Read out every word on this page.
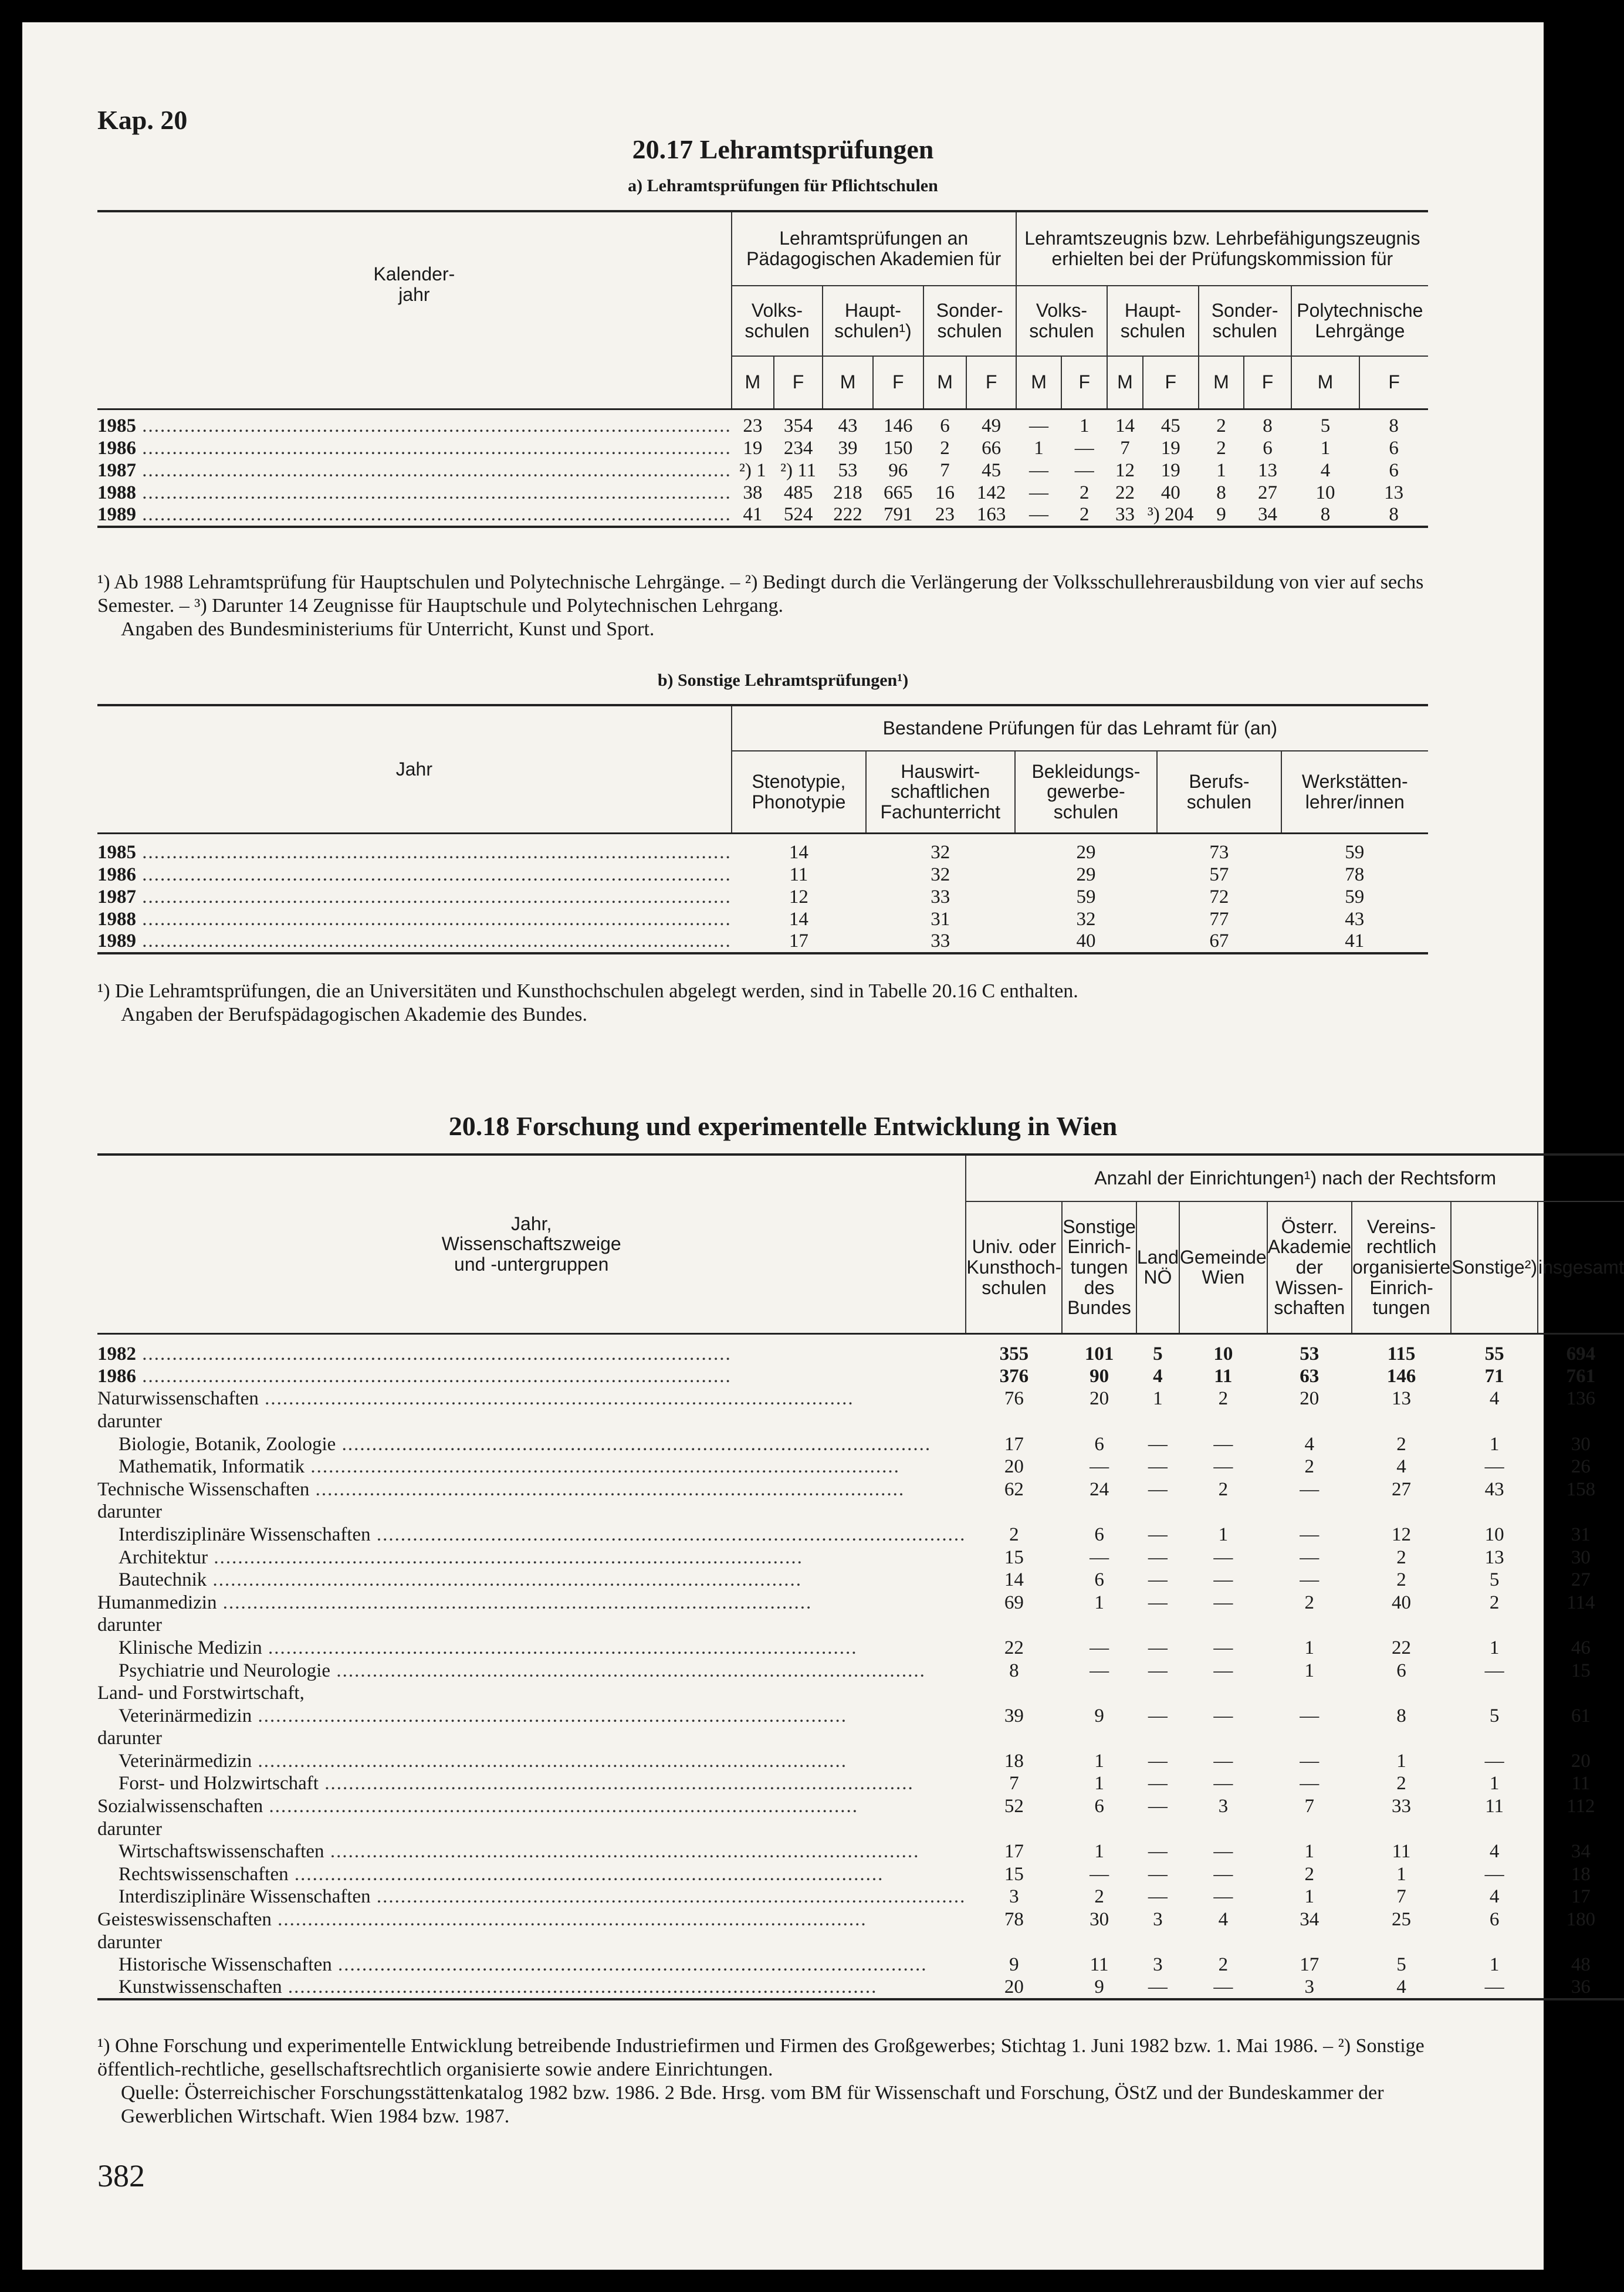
Kap. 20
20.17 Lehramtsprüfungen
a) Lehramtsprüfungen für Pflichtschulen
Kalender-
jahr	Lehramtsprüfungen an
Pädagogischen Akademien für						Lehramtszeugnis bzw. Lehrbefähigungszeugnis
erhielten bei der Prüfungskommission für							
	Volks-
schulen		Haupt-
schulen¹)		Sonder-
schulen		Volks-
schulen		Haupt-
schulen		Sonder-
schulen		Polytechnische
Lehrgänge	
	M	F	M	F	M	F	M	F	M	F	M	F	M	F
1985 ..................................................................................................	23	354	43	146	6	49	—	1	14	45	2	8	5	8
1986 ..................................................................................................	19	234	39	150	2	66	1	—	7	19	2	6	1	6
1987 ..................................................................................................	²) 1	²) 11	53	96	7	45	—	—	12	19	1	13	4	6
1988 ..................................................................................................	38	485	218	665	16	142	—	2	22	40	8	27	10	13
1989 ..................................................................................................	41	524	222	791	23	163	—	2	33	³) 204	9	34	8	8
¹) Ab 1988 Lehramtsprüfung für Hauptschulen und Polytechnische Lehrgänge. – ²) Bedingt durch die Verlängerung der Volksschullehrerausbildung von vier auf sechs Semester. – ³) Darunter 14 Zeugnisse für Hauptschule und Polytechnischen Lehrgang.
Angaben des Bundesministeriums für Unterricht, Kunst und Sport.
b) Sonstige Lehramtsprüfungen¹)
Jahr	Bestandene Prüfungen für das Lehramt für (an)				
	Stenotypie,
Phonotypie	Hauswirt-
schaftlichen
Fachunterricht	Bekleidungs-
gewerbe-
schulen	Berufs-
schulen	Werkstätten-
lehrer/innen
1985 ..................................................................................................	14	32	29	73	59
1986 ..................................................................................................	11	32	29	57	78
1987 ..................................................................................................	12	33	59	72	59
1988 ..................................................................................................	14	31	32	77	43
1989 ..................................................................................................	17	33	40	67	41
¹) Die Lehramtsprüfungen, die an Universitäten und Kunsthochschulen abgelegt werden, sind in Tabelle 20.16 C enthalten.
Angaben der Berufspädagogischen Akademie des Bundes.
20.18 Forschung und experimentelle Entwicklung in Wien
Jahr,
Wissenschaftszweige
und -untergruppen	Anzahl der Einrichtungen¹) nach der Rechtsform							
	Univ. oder
Kunsthoch-
schulen	Sonstige
Einrich-
tungen des
Bundes	Land
NÖ	Gemeinde
Wien	Österr.
Akademie
der Wissen-
schaften	Vereins-
rechtlich
organisierte
Einrich-
tungen	Sonstige²)	insgesamt
1982 ..................................................................................................	355	101	5	10	53	115	55	694
1986 ..................................................................................................	376	90	4	11	63	146	71	761
Naturwissenschaften ..................................................................................................	76	20	1	2	20	13	4	136
darunter								
Biologie, Botanik, Zoologie ..................................................................................................	17	6	—	—	4	2	1	30
Mathematik, Informatik ..................................................................................................	20	—	—	—	2	4	—	26
Technische Wissenschaften ..................................................................................................	62	24	—	2	—	27	43	158
darunter								
Interdisziplinäre Wissenschaften ..................................................................................................	2	6	—	1	—	12	10	31
Architektur ..................................................................................................	15	—	—	—	—	2	13	30
Bautechnik ..................................................................................................	14	6	—	—	—	2	5	27
Humanmedizin ..................................................................................................	69	1	—	—	2	40	2	114
darunter								
Klinische Medizin ..................................................................................................	22	—	—	—	1	22	1	46
Psychiatrie und Neurologie ..................................................................................................	8	—	—	—	1	6	—	15
Land- und Forstwirtschaft,								
Veterinärmedizin ..................................................................................................	39	9	—	—	—	8	5	61
darunter								
Veterinärmedizin ..................................................................................................	18	1	—	—	—	1	—	20
Forst- und Holzwirtschaft ..................................................................................................	7	1	—	—	—	2	1	11
Sozialwissenschaften ..................................................................................................	52	6	—	3	7	33	11	112
darunter								
Wirtschaftswissenschaften ..................................................................................................	17	1	—	—	1	11	4	34
Rechtswissenschaften ..................................................................................................	15	—	—	—	2	1	—	18
Interdisziplinäre Wissenschaften ..................................................................................................	3	2	—	—	1	7	4	17
Geisteswissenschaften ..................................................................................................	78	30	3	4	34	25	6	180
darunter								
Historische Wissenschaften ..................................................................................................	9	11	3	2	17	5	1	48
Kunstwissenschaften ..................................................................................................	20	9	—	—	3	4	—	36
¹) Ohne Forschung und experimentelle Entwicklung betreibende Industriefirmen und Firmen des Großgewerbes; Stichtag 1. Juni 1982 bzw. 1. Mai 1986. – ²) Sonstige öffentlich-rechtliche, gesellschaftsrechtlich organisierte sowie andere Einrichtungen.
Quelle: Österreichischer Forschungsstättenkatalog 1982 bzw. 1986. 2 Bde. Hrsg. vom BM für Wissenschaft und Forschung, ÖStZ und der Bundeskammer der Gewerblichen Wirtschaft. Wien 1984 bzw. 1987.
382
